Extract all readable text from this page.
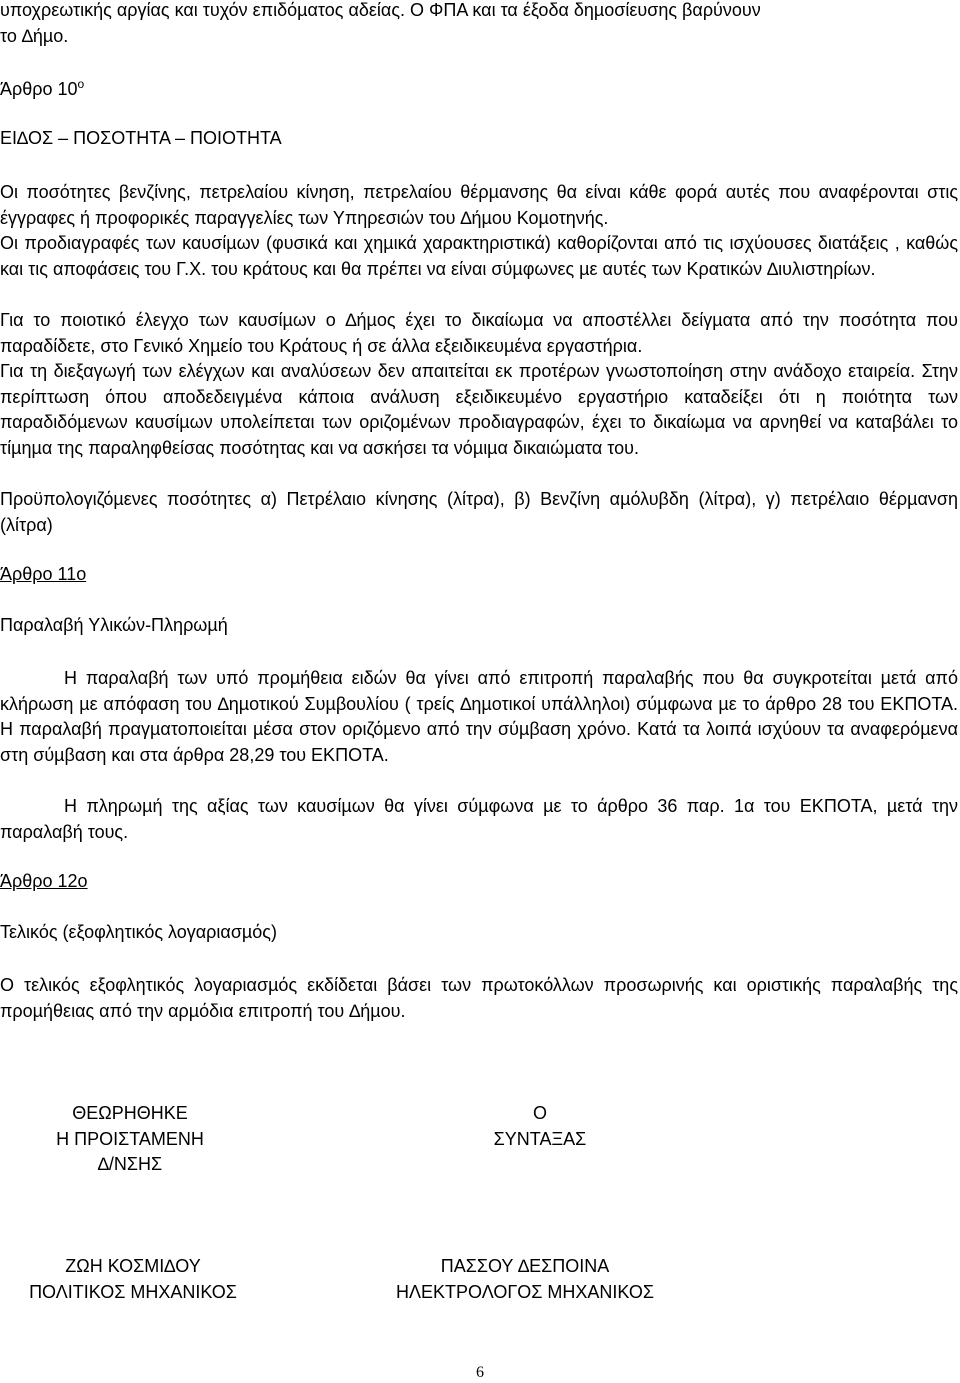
υποχρεωτικής αργίας και τυχόν επιδόµατος αδείας. Ο ΦΠΑ και τα έξοδα δηµοσίευσης βαρύνουν

το ∆ήµο.

Άρθρο $10^o$

ΕΙ∆ΟΣ – ΠΟΣΟΤΗΤΑ – ΠΟΙΟΤΗΤΑ

Οι ποσότητες βενζίνης, πετρελαίου κίνηση, πετρελαίου θέρµανσης θα είναι κάθε φορά αυτές που αναφέρονται στις έγγραφες ή προφορικές παραγγελίες των Υπηρεσιών του ∆ήµου Κοµοτηνής.

Οι προδιαγραφές των καυσίµων (φυσικά και χηµικά χαρακτηριστικά) καθορίζονται από τις ισχύουσες διατάξεις , καθώς και τις αποφάσεις του Γ.Χ. του κράτους και θα πρέπει να είναι σύµφωνες µε αυτές των Κρατικών ∆ιυλιστηρίων.

Για το ποιοτικό έλεγχο των καυσίµων ο ∆ήµος έχει το δικαίωµα να αποστέλλει δείγµατα από την ποσότητα που παραδίδετε, στο Γενικό Χηµείο του Κράτους ή σε άλλα εξειδικευµένα εργαστήρια.

Για τη διεξαγωγή των ελέγχων και αναλύσεων δεν απαιτείται εκ προτέρων γνωστοποίηση στην ανάδοχο εταιρεία. Στην περίπτωση όπου αποδεδειγµένα κάποια ανάλυση εξειδικευµένο εργαστήριο καταδείξει ότι η ποιότητα των παραδιδόµενων καυσίµων υπολείπεται των οριζοµένων προδιαγραφών, έχει το δικαίωµα να αρνηθεί να καταβάλει το τίµηµα της παραληφθείσας ποσότητας και να ασκήσει τα νόµιµα δικαιώµατα του.

Προϋπολογιζόµενες ποσότητες α) Πετρέλαιο κίνησης (λίτρα), β) Βενζίνη αµόλυβδη (λίτρα), γ) πετρέλαιο θέρµανση (λίτρα)

Άρθρο 11ο

Παραλαβή Υλικών-Πληρωµή

Η παραλαβή των υπό προµήθεια ειδών θα γίνει από επιτροπή παραλαβής που θα συγκροτείται µετά από κλήρωση µε απόφαση του ∆ηµοτικού Συµβουλίου ( τρείς ∆ηµοτικοί υπάλληλοι) σύµφωνα µε το άρθρο 28 του ΕΚΠΟΤΑ. Η παραλαβή πραγµατοποιείται µέσα στον οριζόµενο από την σύµβαση χρόνο. Κατά τα λοιπά ισχύουν τα αναφερόµενα στη σύµβαση και στα άρθρα 28,29 του ΕΚΠΟΤΑ.

Η πληρωµή της αξίας των καυσίµων θα γίνει σύµφωνα µε το άρθρο 36 παρ. 1α του ΕΚΠΟΤΑ, µετά την παραλαβή τους.

Άρθρο 12ο

Τελικός (εξοφλητικός λογαριασµός)

Ο τελικός εξοφλητικός λογαριασµός εκδίδεται βάσει των πρωτοκόλλων προσωρινής και οριστικής παραλαβής της προµήθειας από την αρµόδια επιτροπή του ∆ήµου.

ΘΕΩΡΗΘΗΚΕ
Η ΠΡΟΙΣΤΑΜΕΝΗ
∆/ΝΣΗΣ
Ο
ΣΥΝΤΑΞΑΣ
ΖΩΗ ΚΟΣΜΙ∆ΟΥ
ΠΟΛΙΤΙΚΟΣ ΜΗΧΑΝΙΚΟΣ
ΠΑΣΣΟΥ ∆ΕΣΠΟΙΝΑ
ΗΛΕΚΤΡΟΛΟΓΟΣ ΜΗΧΑΝΙΚΟΣ
6
